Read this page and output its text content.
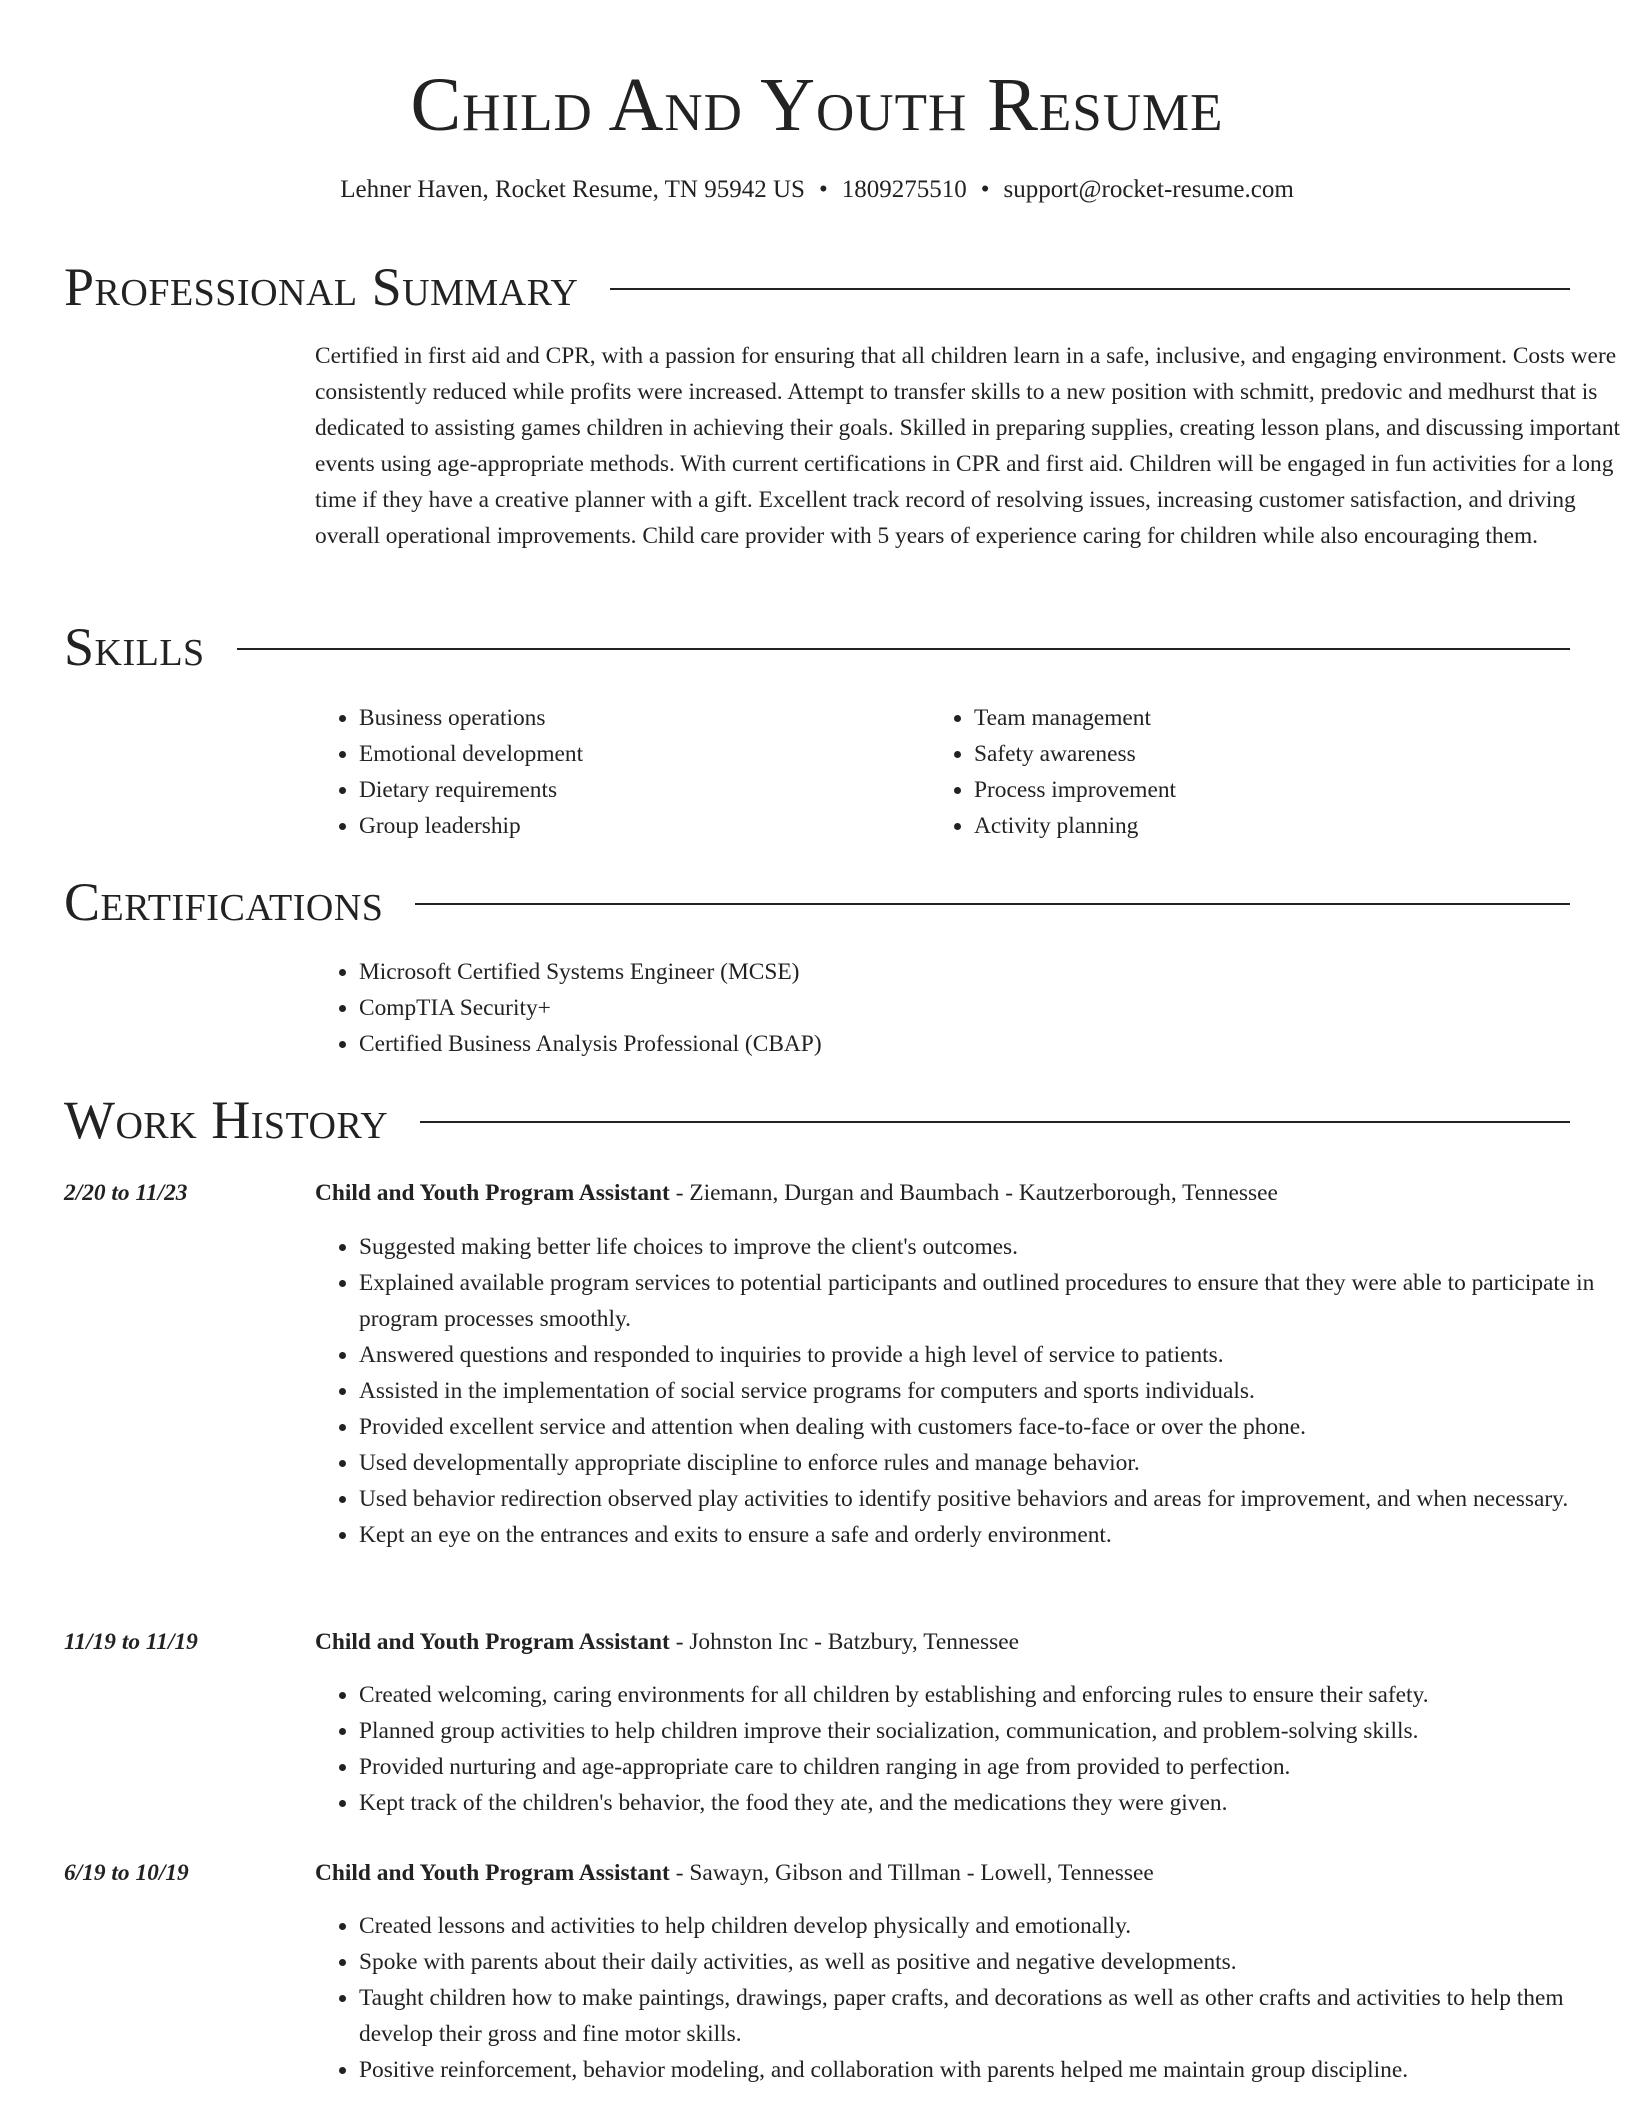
Child And Youth Resume
Lehner Haven, Rocket Resume, TN 95942 US • 1809275510 • support@rocket-resume.com
Professional Summary

Certified in first aid and CPR, with a passion for ensuring that all children learn in a safe, inclusive, and engaging environment. Costs were consistently reduced while profits were increased. Attempt to transfer skills to a new position with schmitt, predovic and medhurst that is dedicated to assisting games children in achieving their goals. Skilled in preparing supplies, creating lesson plans, and discussing important events using age-appropriate methods. With current certifications in CPR and first aid. Children will be engaged in fun activities for a long time if they have a creative planner with a gift. Excellent track record of resolving issues, increasing customer satisfaction, and driving overall operational improvements. Child care provider with 5 years of experience caring for children while also encouraging them.

Skills
• Business operations
• Emotional development
• Dietary requirements
• Group leadership
• Team management
• Safety awareness
• Process improvement
• Activity planning
Certifications
• Microsoft Certified Systems Engineer (MCSE)
• CompTIA Security+
• Certified Business Analysis Professional (CBAP)
Work History
2/20 to 11/23	Child and Youth Program Assistant - Ziemann, Durgan and Baumbach - Kautzerborough, Tennessee
• Suggested making better life choices to improve the client's outcomes.
• Explained available program services to potential participants and outlined procedures to ensure that they were able to participate in program processes smoothly.
• Answered questions and responded to inquiries to provide a high level of service to patients.
• Assisted in the implementation of social service programs for computers and sports individuals.
• Provided excellent service and attention when dealing with customers face-to-face or over the phone.
• Used developmentally appropriate discipline to enforce rules and manage behavior.
• Used behavior redirection observed play activities to identify positive behaviors and areas for improvement, and when necessary.
• Kept an eye on the entrances and exits to ensure a safe and orderly environment.
11/19 to 11/19	Child and Youth Program Assistant - Johnston Inc - Batzbury, Tennessee
• Created welcoming, caring environments for all children by establishing and enforcing rules to ensure their safety.
• Planned group activities to help children improve their socialization, communication, and problem-solving skills.
• Provided nurturing and age-appropriate care to children ranging in age from provided to perfection.
• Kept track of the children's behavior, the food they ate, and the medications they were given.
6/19 to 10/19	Child and Youth Program Assistant - Sawayn, Gibson and Tillman - Lowell, Tennessee
• Created lessons and activities to help children develop physically and emotionally.
• Spoke with parents about their daily activities, as well as positive and negative developments.
• Taught children how to make paintings, drawings, paper crafts, and decorations as well as other crafts and activities to help them develop their gross and fine motor skills.
• Positive reinforcement, behavior modeling, and collaboration with parents helped me maintain group discipline.
